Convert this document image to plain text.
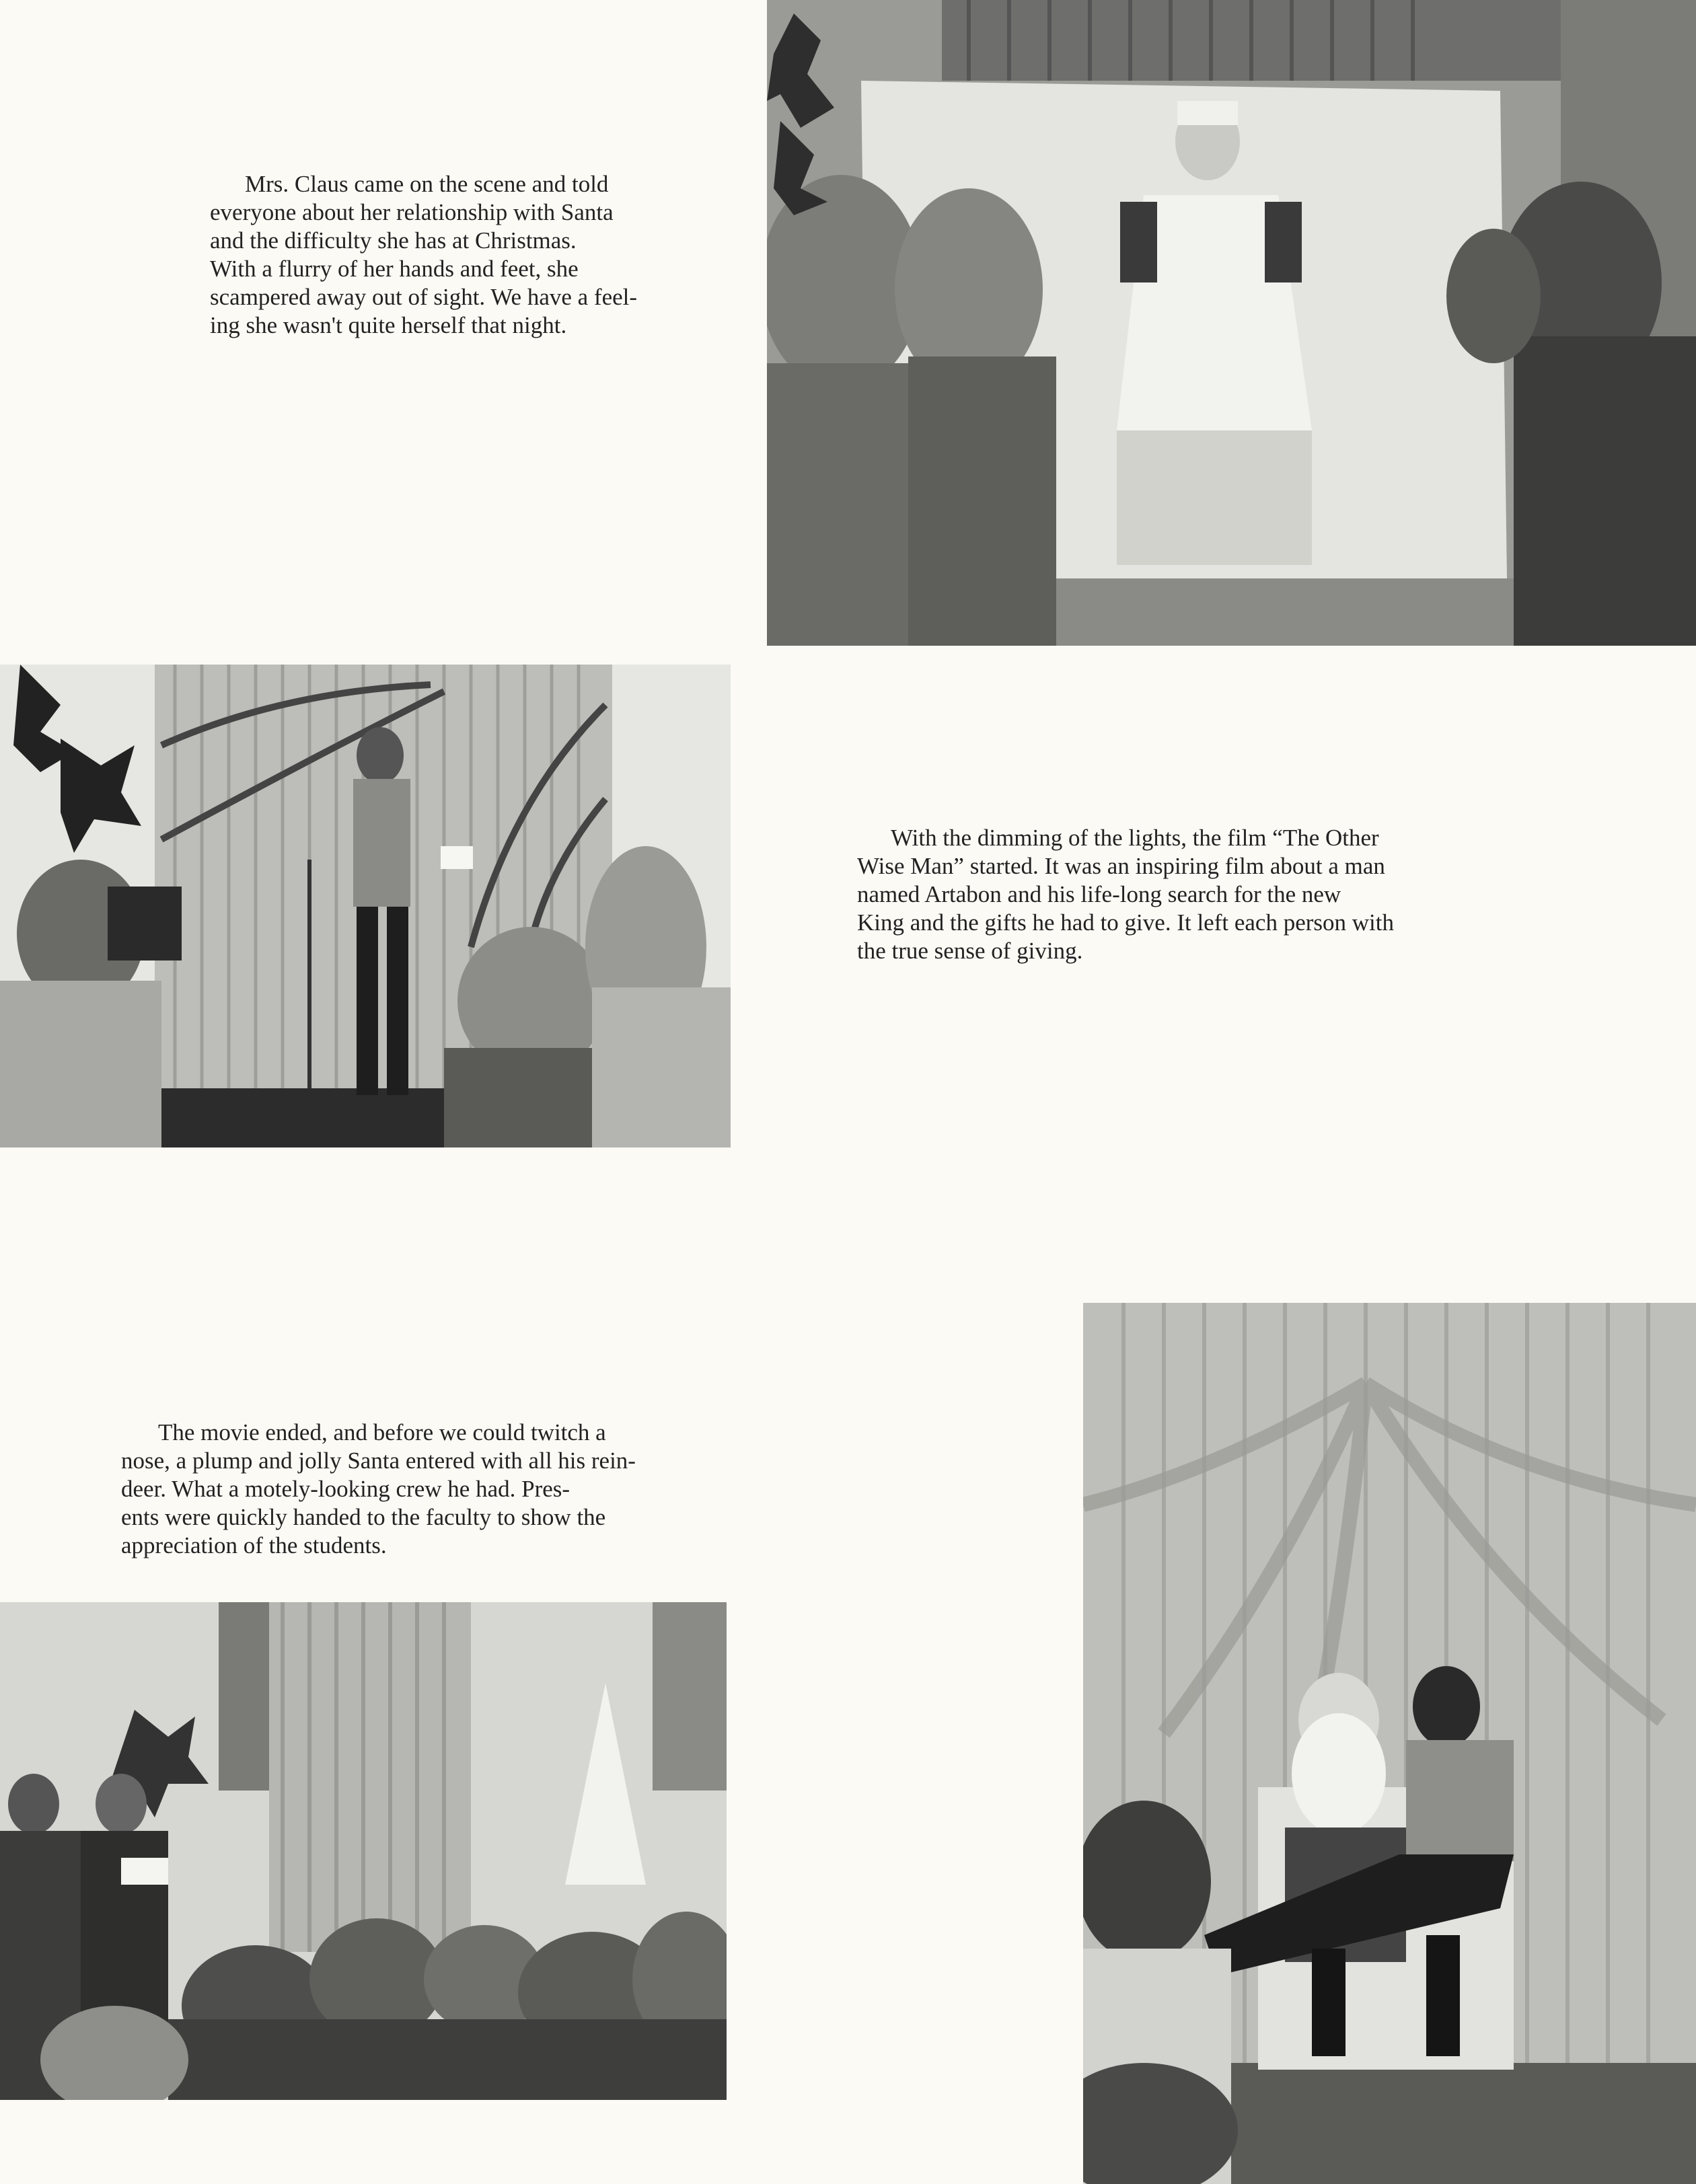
Mrs. Claus came on the scene and told
everyone about her relationship with Santa
and the difficulty she has at Christmas.
With a flurry of her hands and feet, she
scampered away out of sight. We have a feel-
ing she wasn't quite herself that night.

With the dimming of the lights, the film “The Other
Wise Man” started. It was an inspiring film about a man
named Artabon and his life-long search for the new
King and the gifts he had to give. It left each person with
the true sense of giving.

The movie ended, and before we could twitch a
nose, a plump and jolly Santa entered with all his rein-
deer. What a motely-looking crew he had. Pres-
ents were quickly handed to the faculty to show the
appreciation of the students.
